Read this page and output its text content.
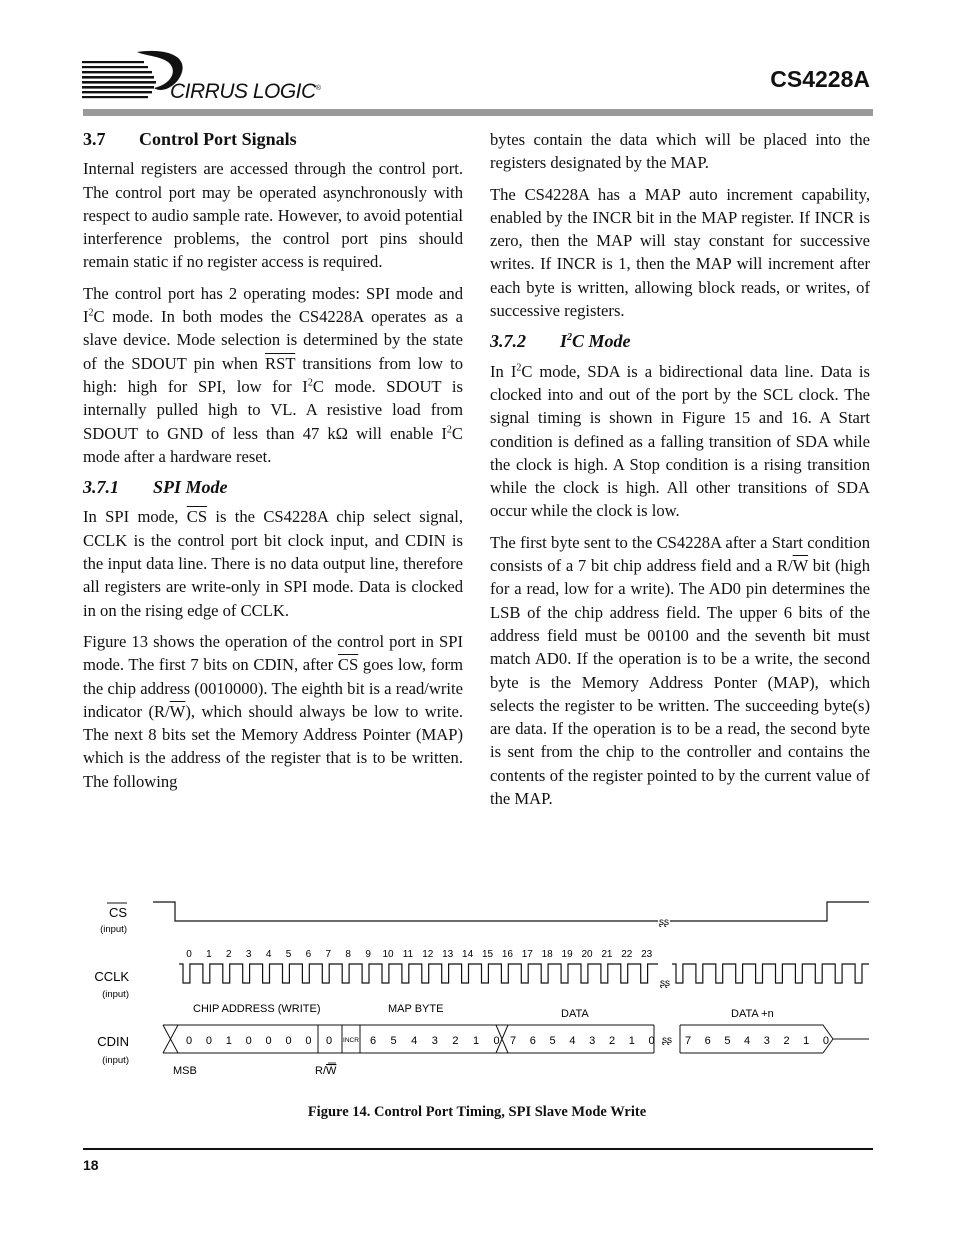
CIRRUS LOGIC®	CS4228A
3.7 Control Port Signals

Internal registers are accessed through the control port. The control port may be operated asynchronously with respect to audio sample rate. However, to avoid potential interference problems, the control port pins should remain static if no register access is required.

The control port has 2 operating modes: SPI mode and $I^2C$ mode. In both modes the CS4228A operates as a slave device. Mode selection is determined by the state of the SDOUT pin when $\overline{RST}$ transitions from low to high: high for SPI, low for $I^2C$ mode. SDOUT is internally pulled high to VL. A resistive load from SDOUT to GND of less than 47 kΩ will enable $I^2C$ mode after a hardware reset.

3.7.1 SPI Mode

In SPI mode, $\overline{CS}$ is the CS4228A chip select signal, CCLK is the control port bit clock input, and CDIN is the input data line. There is no data output line, therefore all registers are write-only in SPI mode. Data is clocked in on the rising edge of CCLK.

Figure 13 shows the operation of the control port in SPI mode. The first 7 bits on CDIN, after $\overline{CS}$ goes low, form the chip address (0010000). The eighth bit is a read/write indicator $(R/\overline{W})$, which should always be low to write. The next 8 bits set the Memory Address Pointer (MAP) which is the address of the register that is to be written. The following

bytes contain the data which will be placed into the registers designated by the MAP.

The CS4228A has a MAP auto increment capability, enabled by the INCR bit in the MAP register. If INCR is zero, then the MAP will stay constant for successive writes. If INCR is 1, then the MAP will increment after each byte is written, allowing block reads, or writes, of successive registers.

3.7.2 $I^2C$ Mode

In $I^2C$ mode, SDA is a bidirectional data line. Data is clocked into and out of the port by the SCL clock. The signal timing is shown in Figure 15 and 16. A Start condition is defined as a falling transition of SDA while the clock is high. A Stop condition is a rising transition while the clock is high. All other transitions of SDA occur while the clock is low.

The first byte sent to the CS4228A after a Start condition consists of a 7 bit chip address field and a $R/\overline{W}$ bit (high for a read, low for a write). The AD0 pin determines the LSB of the chip address field. The upper 6 bits of the address field must be 00100 and the seventh bit must match AD0. If the operation is to be a write, the second byte is the Memory Address Ponter (MAP), which selects the register to be written. The succeeding byte(s) are data. If the operation is to be a read, the second byte is sent from the chip to the controller and contains the contents of the register pointed to by the current value of the MAP.

CS
(input)
CCLK
(input)
CDIN
(input)
ʂʂ
0 1 2 3 4 5 6 7 8 9 10 11 12 13 14 15 16 17 18 19 20 21 22 23
ʂʂ
CHIP ADDRESS (WRITE)	MAP BYTE	DATA	DATA +n
ʂʂ
0 0 1 0 0 0 0 0	6 5 4 3 2 1 0 7 6 5 4 3 2 1 0	7 6 5 4 3 2 1 0
INCR
MSB	R/W
Figure 14. Control Port Timing, SPI Slave Mode Write
18
